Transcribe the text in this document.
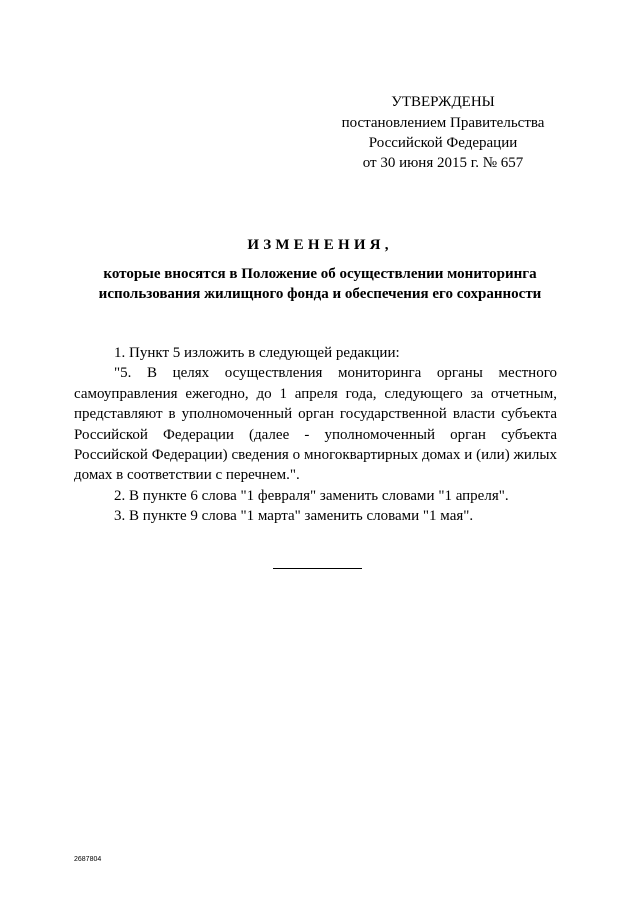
УТВЕРЖДЕНЫ
постановлением Правительства
Российской Федерации
от 30 июня 2015 г. № 657
ИЗМЕНЕНИЯ,
которые вносятся в Положение об осуществлении мониторинга
использования жилищного фонда и обеспечения его сохранности

1. Пункт 5 изложить в следующей редакции:

"5. В целях осуществления мониторинга органы местного самоуправления ежегодно, до 1 апреля года, следующего за отчетным, представляют в уполномоченный орган государственной власти субъекта Российской Федерации (далее - уполномоченный орган субъекта Российской Федерации) сведения о многоквартирных домах и (или) жилых домах в соответствии с перечнем.".

2. В пункте 6 слова "1 февраля" заменить словами "1 апреля".

3. В пункте 9 слова "1 марта" заменить словами "1 мая".

2687804
